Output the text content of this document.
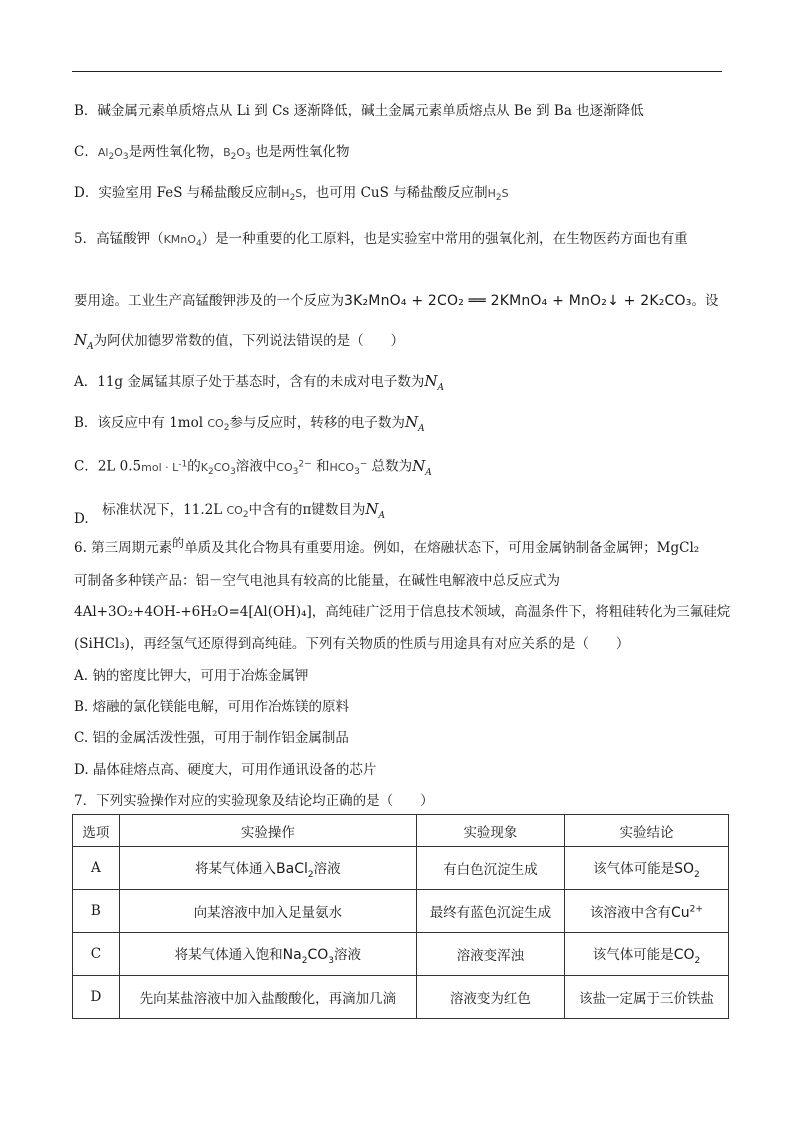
B．碱金属元素单质熔点从 Li 到 Cs 逐渐降低，碱土金属元素单质熔点从 Be 到 Ba 也逐渐降低
C．$Al_2O_3$是两性氧化物，$B_2O_3$ 也是两性氧化物
D．实验室用 FeS 与稀盐酸反应制$H_2S$，也可用 CuS 与稀盐酸反应制$H_2S$
5．高锰酸钾（KMnO$_4$）是一种重要的化工原料，也是实验室中常用的强氧化剂，在生物医药方面也有重
要用途。工业生产高锰酸钾涉及的一个反应为3K₂MnO₄ + 2CO₂ ══ 2KMnO₄ + MnO₂↓ + 2K₂CO₃。设
$N_A$为阿伏加德罗常数的值，下列说法错误的是（　　）
A．11g 金属锰其原子处于基态时，含有的未成对电子数为$N_A$
B．该反应中有 1mol $CO_2$参与反应时，转移的电子数为$N_A$
C．2L $0.5mol \cdot L^{-1}$的$K_2CO_3$溶液中$CO_3^{2-}$ 和$HCO_3^-$ 总数为$N_A$
D.　标准状况下，11.2L $CO_2$中含有的π键数目为$N_A$
6. 第三周期元素的单质及其化合物具有重要用途。例如，在熔融状态下，可用金属钠制备金属钾；MgCl₂
可制备多种镁产品：铝－空气电池具有较高的比能量，在碱性电解液中总反应式为
4Al+3O₂+4OH-+6H₂O=4[Al(OH)₄]，高纯硅广泛用于信息技术领域，高温条件下，将粗硅转化为三氟硅烷
(SiHCl₃)，再经氢气还原得到高纯硅。下列有关物质的性质与用途具有对应关系的是（　　）
A. 钠的密度比钾大，可用于冶炼金属钾
B. 熔融的氯化镁能电解，可用作冶炼镁的原料
C. 铝的金属活泼性强，可用于制作铝金属制品
D. 晶体硅熔点高、硬度大，可用作通讯设备的芯片
7．下列实验操作对应的实验现象及结论均正确的是（　　）
选项	实验操作	实验现象	实验结论
A	将某气体通入BaCl$_2$溶液	有白色沉淀生成	该气体可能是$SO_2$
B	向某溶液中加入足量氨水	最终有蓝色沉淀生成	该溶液中含有$Cu^{2+}$
C	将某气体通入饱和$Na_2CO_3$溶液	溶液变浑浊	该气体可能是$CO_2$
D	先向某盐溶液中加入盐酸酸化，再滴加几滴	溶液变为红色	该盐一定属于三价铁盐
